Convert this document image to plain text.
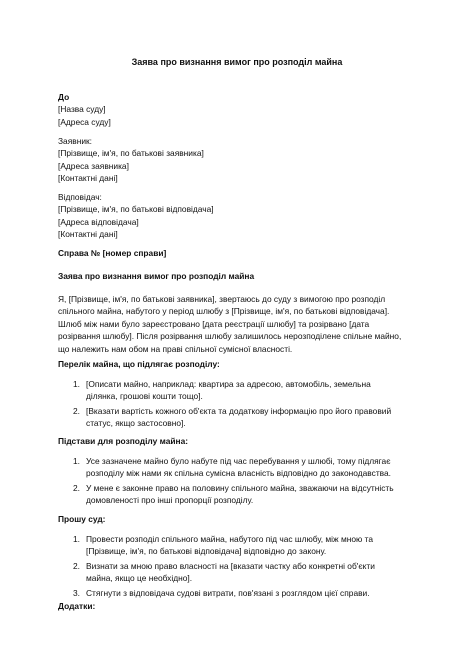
Заява про визнання вимог про розподіл майна
До
[Назва суду]
[Адреса суду]
Заявник:
[Прізвище, ім'я, по батькові заявника]
[Адреса заявника]
[Контактні дані]
Відповідач:
[Прізвище, ім'я, по батькові відповідача]
[Адреса відповідача]
[Контактні дані]
Справа № [номер справи]
Заява про визнання вимог про розподіл майна
Я, [Прізвище, ім'я, по батькові заявника], звертаюсь до суду з вимогою про розподіл
спільного майна, набутого у період шлюбу з [Прізвище, ім'я, по батькові відповідача].
Шлюб між нами було зареєстровано [дата реєстрації шлюбу] та розірвано [дата
розірвання шлюбу]. Після розірвання шлюбу залишилось нерозподілене спільне майно,
що належить нам обом на праві спільної сумісної власності.
Перелік майна, що підлягає розподілу:
1. [Описати майно, наприклад: квартира за адресою, автомобіль, земельна
ділянка, грошові кошти тощо].
2. [Вказати вартість кожного об'єкта та додаткову інформацію про його правовий
статус, якщо застосовно].
Підстави для розподілу майна:
1. Усе зазначене майно було набуте під час перебування у шлюбі, тому підлягає
розподілу між нами як спільна сумісна власність відповідно до законодавства.
2. У мене є законне право на половину спільного майна, зважаючи на відсутність
домовленості про інші пропорції розподілу.
Прошу суд:
1. Провести розподіл спільного майна, набутого під час шлюбу, між мною та
[Прізвище, ім'я, по батькові відповідача] відповідно до закону.
2. Визнати за мною право власності на [вказати частку або конкретні об'єкти
майна, якщо це необхідно].
3. Стягнути з відповідача судові витрати, пов'язані з розглядом цієї справи.
Додатки:
